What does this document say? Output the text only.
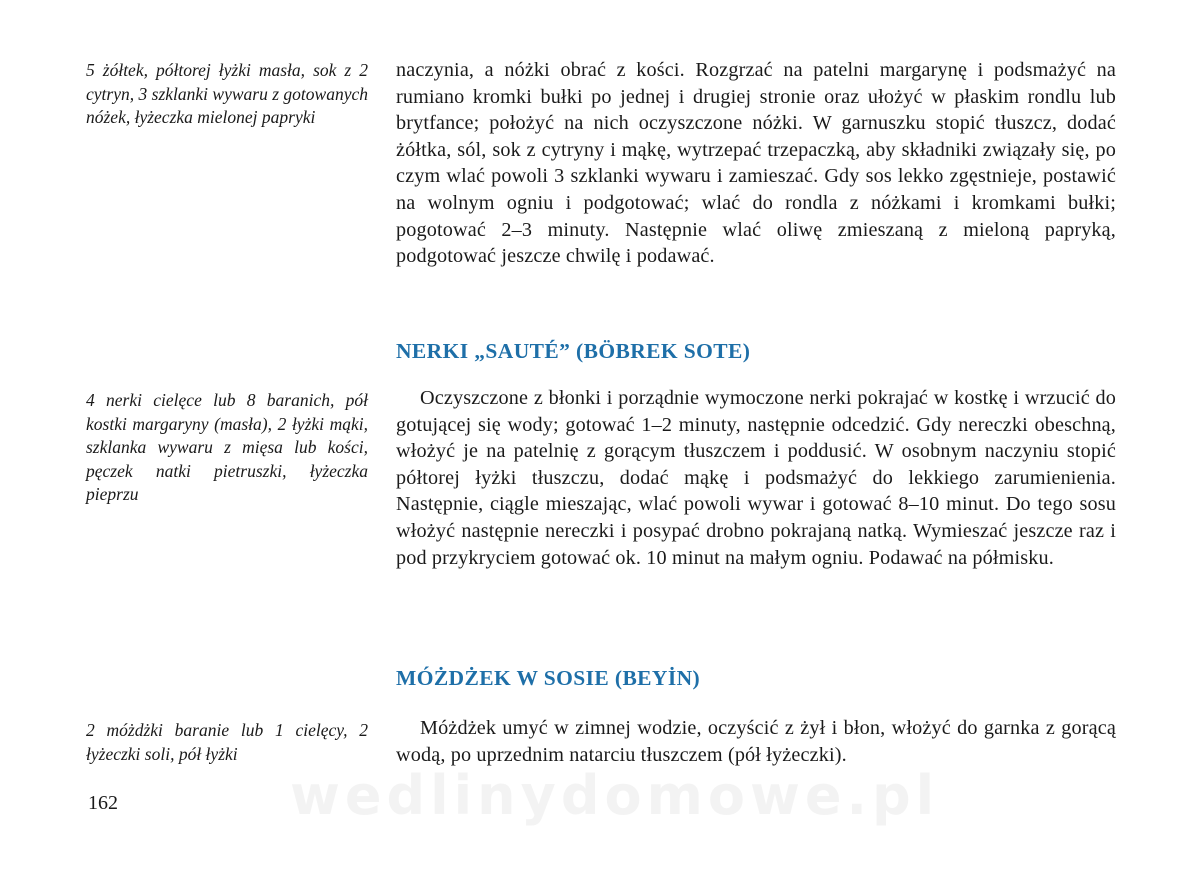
5 żółtek, półtorej łyżki masła, sok z 2 cytryn, 3 szklanki wywaru z gotowanych nóżek, łyżeczka mielonej papryki
naczynia, a nóżki obrać z kości. Rozgrzać na patelni margarynę i podsmażyć na rumiano kromki bułki po jednej i drugiej stronie oraz ułożyć w płaskim rondlu lub brytfance; położyć na nich oczyszczone nóżki. W garnuszku stopić tłuszcz, dodać żółtka, sól, sok z cytryny i mąkę, wytrzepać trzepaczką, aby składniki związały się, po czym wlać powoli 3 szklanki wywaru i zamieszać. Gdy sos lekko zgęstnieje, postawić na wolnym ogniu i podgotować; wlać do rondla z nóżkami i kromkami bułki; pogotować 2–3 minuty. Następnie wlać oliwę zmieszaną z mieloną papryką, podgotować jeszcze chwilę i podawać.
NERKI „SAUTÉ” (BÖBREK SOTE)
4 nerki cielęce lub 8 baranich, pół kostki margaryny (masła), 2 łyżki mąki, szklanka wywaru z mięsa lub kości, pęczek natki pietruszki, łyżeczka pieprzu
Oczyszczone z błonki i porządnie wymoczone nerki pokrajać w kostkę i wrzucić do gotującej się wody; gotować 1–2 minuty, następnie odcedzić. Gdy nereczki obeschną, włożyć je na patelnię z gorącym tłuszczem i poddusić. W osobnym naczyniu stopić półtorej łyżki tłuszczu, dodać mąkę i podsmażyć do lekkiego zarumienienia. Następnie, ciągle mieszając, wlać powoli wywar i gotować 8–10 minut. Do tego sosu włożyć następnie nereczki i posypać drobno pokrajaną natką. Wymieszać jeszcze raz i pod przykryciem gotować ok. 10 minut na małym ogniu. Podawać na półmisku.
MÓŻDŻEK W SOSIE (BEYİN)
2 móżdżki baranie lub 1 cielęcy, 2 łyżeczki soli, pół łyżki
Móżdżek umyć w zimnej wodzie, oczyścić z żył i błon, włożyć do garnka z gorącą wodą, po uprzednim natarciu tłuszczem (pół łyżeczki).
162	wedlinydomowe.pl
